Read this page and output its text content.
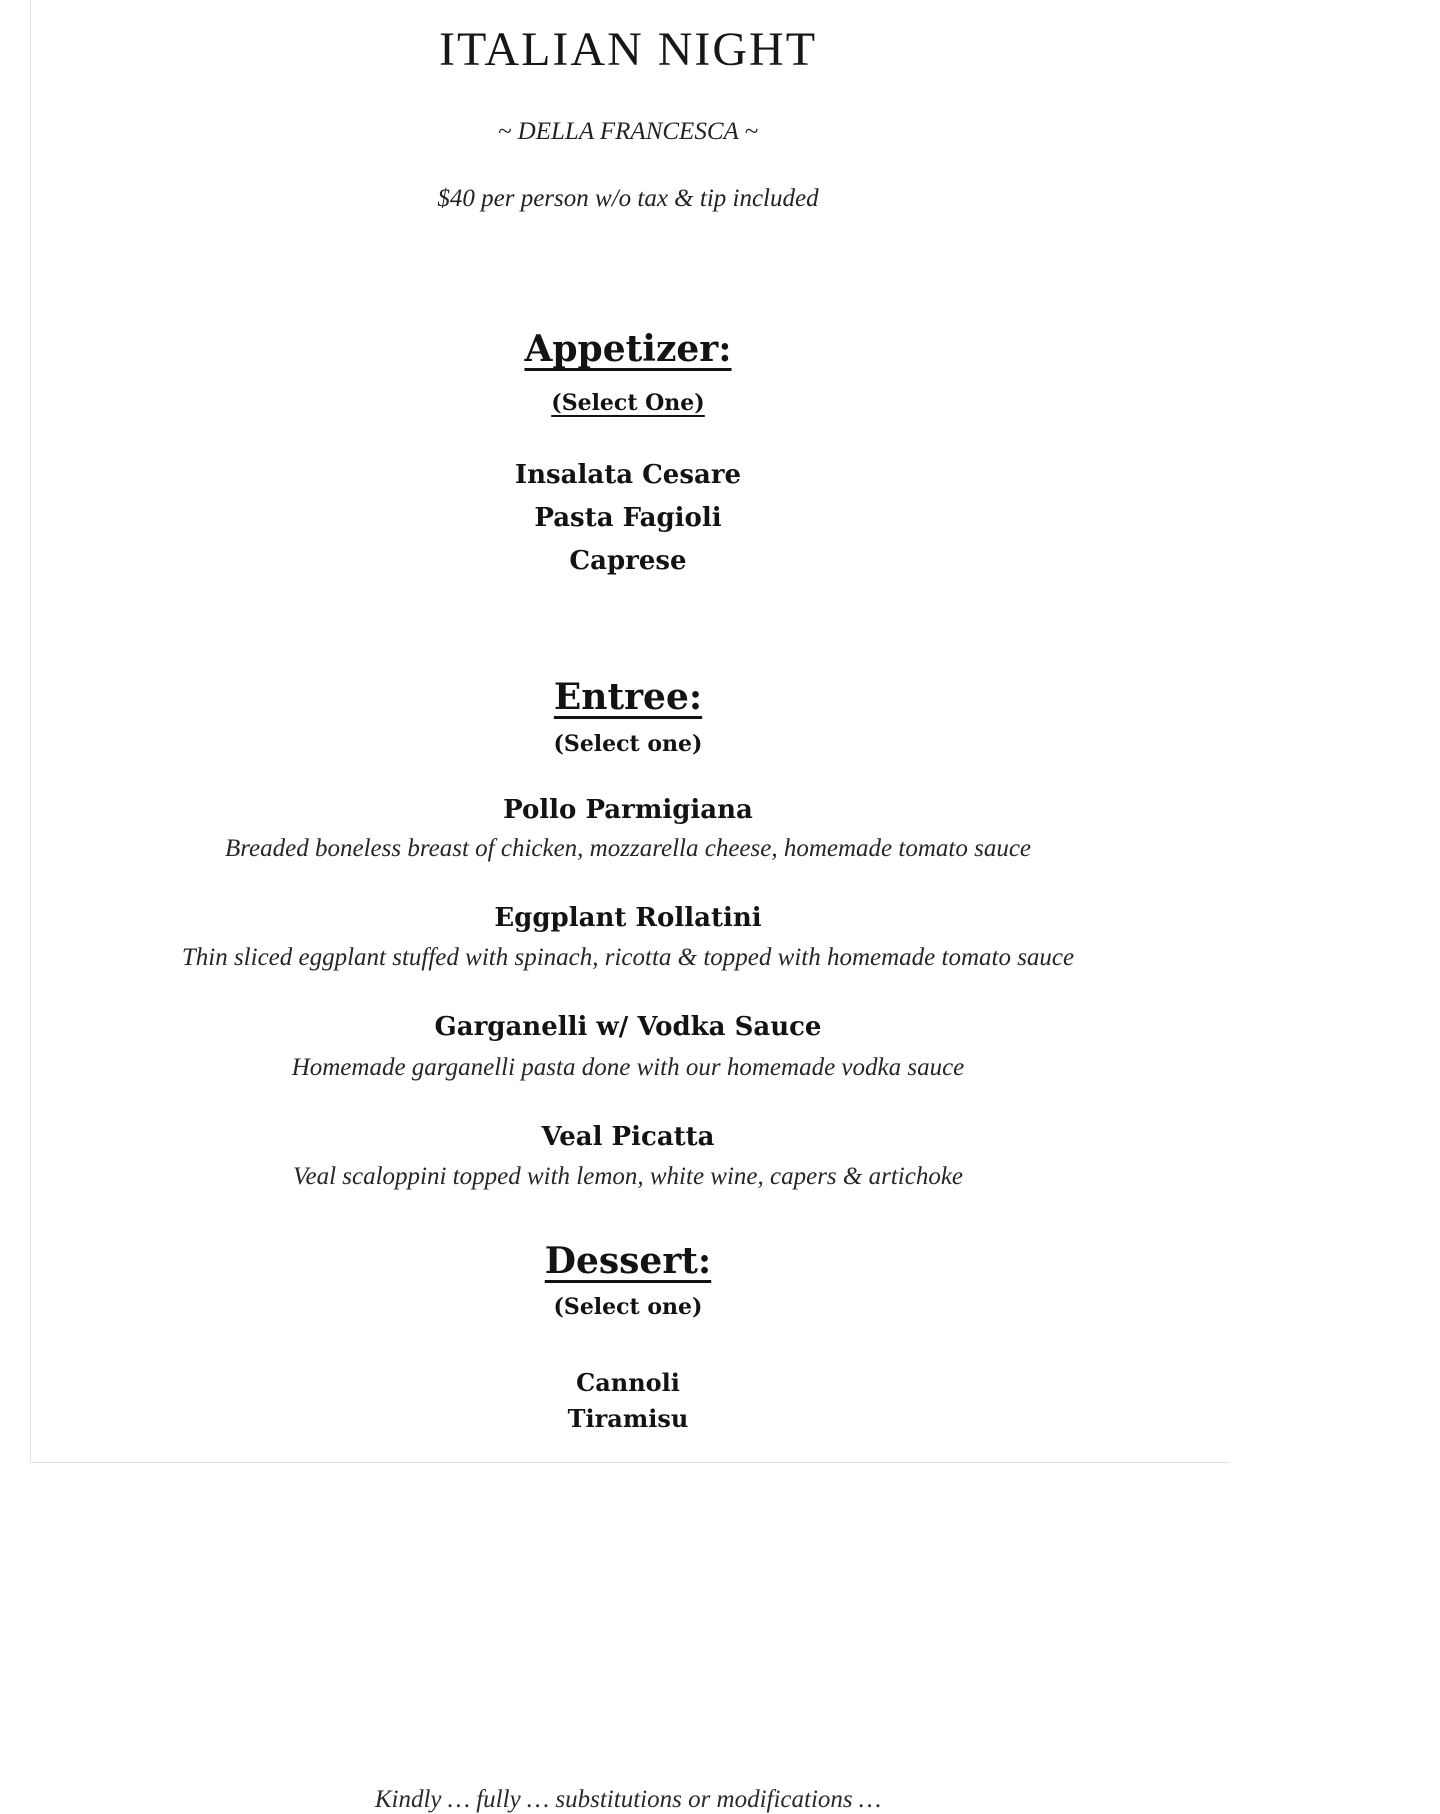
ITALIAN NIGHT
~ DELLA FRANCESCA ~
$40 per person w/o tax & tip included
Appetizer:
(Select One)
Insalata Cesare
Pasta Fagioli
Caprese
Entree:
(Select one)
Pollo Parmigiana
Breaded boneless breast of chicken, mozzarella cheese, homemade tomato sauce
Eggplant Rollatini
Thin sliced eggplant stuffed with spinach, ricotta & topped with homemade tomato sauce
Garganelli w/ Vodka Sauce
Homemade garganelli pasta done with our homemade vodka sauce
Veal Picatta
Veal scaloppini topped with lemon, white wine, capers & artichoke
Dessert:
(Select one)
Cannoli
Tiramisu
Kindly … fully … substitutions or modifications …
